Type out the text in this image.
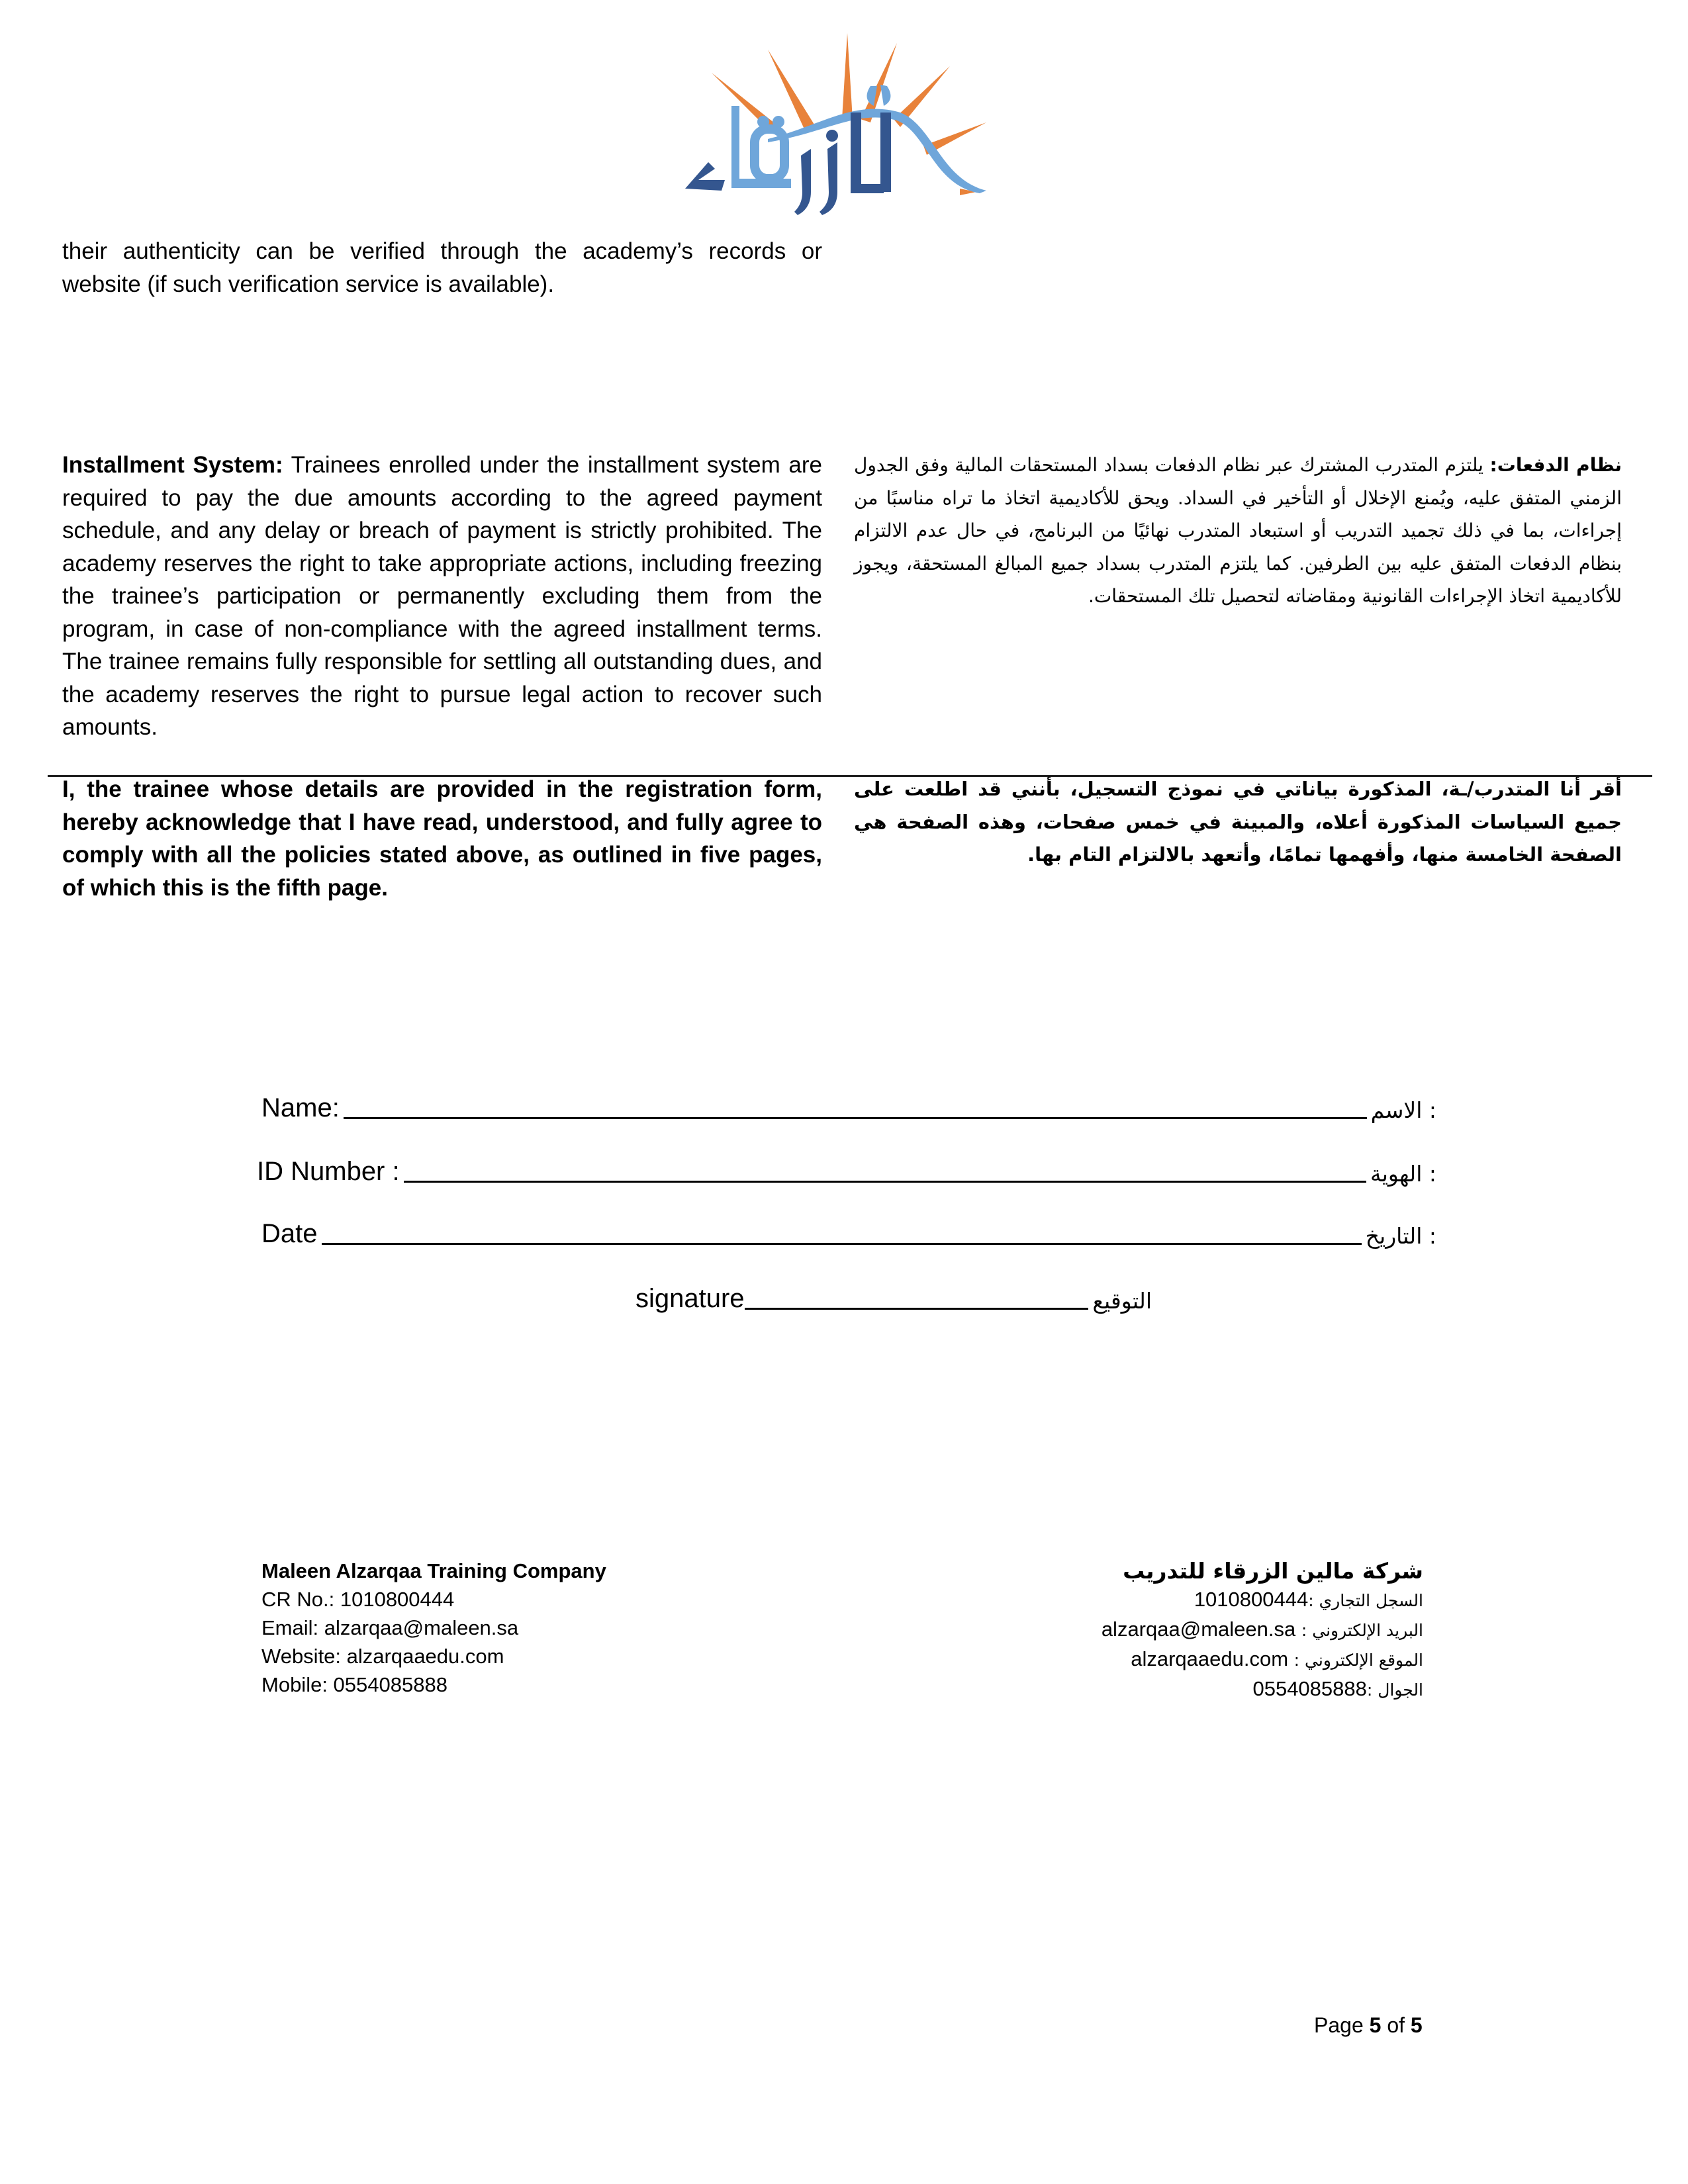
their authenticity can be verified through the academy’s records or website (if such verification service is available).
Installment System: Trainees enrolled under the installment system are required to pay the due amounts according to the agreed payment schedule, and any delay or breach of payment is strictly prohibited. The academy reserves the right to take appropriate actions, including freezing the trainee’s participation or permanently excluding them from the program, in case of non-compliance with the agreed installment terms. The trainee remains fully responsible for settling all outstanding dues, and the academy reserves the right to pursue legal action to recover such amounts.
نظام الدفعات: يلتزم المتدرب المشترك عبر نظام الدفعات بسداد المستحقات المالية وفق الجدول الزمني المتفق عليه، ويُمنع الإخلال أو التأخير في السداد. ويحق للأكاديمية اتخاذ ما تراه مناسبًا من إجراءات، بما في ذلك تجميد التدريب أو استبعاد المتدرب نهائيًا من البرنامج، في حال عدم الالتزام بنظام الدفعات المتفق عليه بين الطرفين. كما يلتزم المتدرب بسداد جميع المبالغ المستحقة، ويجوز للأكاديمية اتخاذ الإجراءات القانونية ومقاضاته لتحصيل تلك المستحقات.
I, the trainee whose details are provided in the registration form, hereby acknowledge that I have read, understood, and fully agree to comply with all the policies stated above, as outlined in five pages, of which this is the fifth page.
أقر أنا المتدرب/ـة، المذكورة بياناتي في نموذج التسجيل، بأنني قد اطلعت على جميع السياسات المذكورة أعلاه، والمبينة في خمس صفحات، وهذه الصفحة هي الصفحة الخامسة منها، وأفهمها تمامًا، وأتعهد بالالتزام التام بها.
Name:	: الاسم
ID Number :	: الهوية
Date	: التاريخ
signature	التوقيع
Maleen Alzarqaa Training Company
CR No.: 1010800444
Email: alzarqaa@maleen.sa
Website: alzarqaaedu.com
Mobile: 0554085888
شركة مالين الزرقاء للتدريب
السجل التجاري :1010800444
البريد الإلكتروني : alzarqaa@maleen.sa
الموقع الإلكتروني : alzarqaaedu.com
الجوال :0554085888
Page 5 of 5
